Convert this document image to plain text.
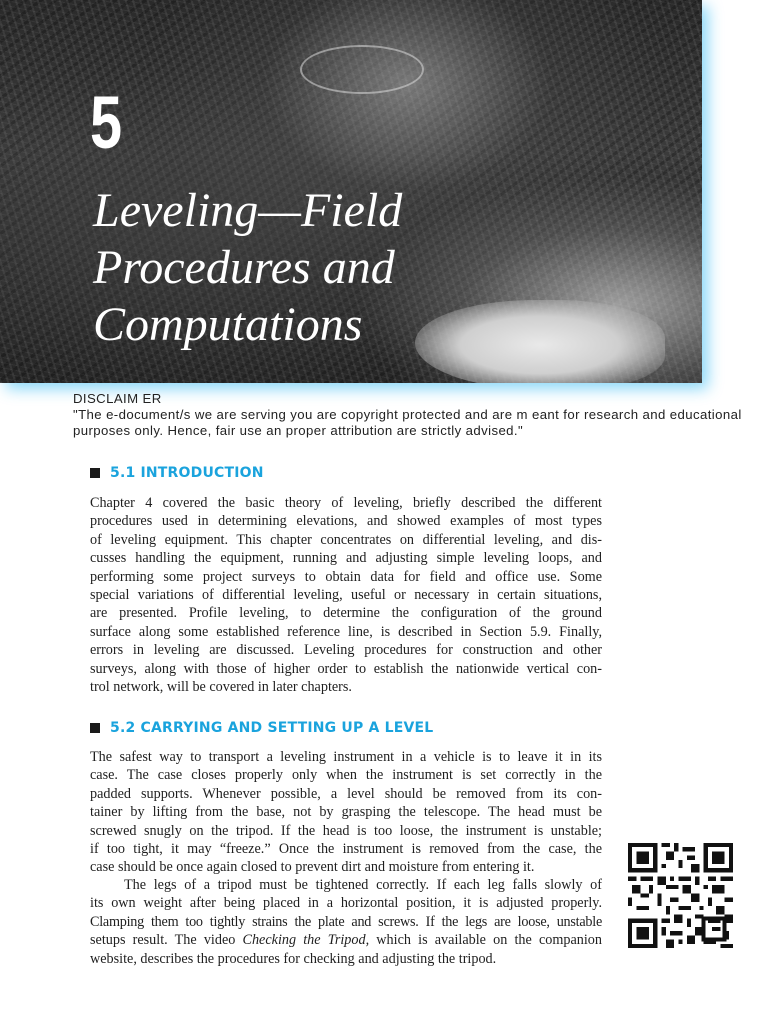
5
Leveling—Field
Procedures and
Computations
DISCLAIM ER
"The e-document/s we are serving you are copyright protected and are m eant for research and educational purposes only. Hence, fair use an proper attribution are strictly advised."
5.1 INTRODUCTION
Chapter 4 covered the basic theory of leveling, briefly described the different
procedures used in determining elevations, and showed examples of most types
of leveling equipment. This chapter concentrates on differential leveling, and dis-
cusses handling the equipment, running and adjusting simple leveling loops, and
performing some project surveys to obtain data for field and office use. Some
special variations of differential leveling, useful or necessary in certain situations,
are presented. Profile leveling, to determine the configuration of the ground
surface along some established reference line, is described in Section 5.9. Finally,
errors in leveling are discussed. Leveling procedures for construction and other
surveys, along with those of higher order to establish the nationwide vertical con-
trol network, will be covered in later chapters.
5.2 CARRYING AND SETTING UP A LEVEL
The safest way to transport a leveling instrument in a vehicle is to leave it in its
case. The case closes properly only when the instrument is set correctly in the
padded supports. Whenever possible, a level should be removed from its con-
tainer by lifting from the base, not by grasping the telescope. The head must be
screwed snugly on the tripod. If the head is too loose, the instrument is unstable;
if too tight, it may “freeze.” Once the instrument is removed from the case, the
case should be once again closed to prevent dirt and moisture from entering it.
The legs of a tripod must be tightened correctly. If each leg falls slowly of
its own weight after being placed in a horizontal position, it is adjusted properly.
Clamping them too tightly strains the plate and screws. If the legs are loose, unstable
setups result. The video Checking the Tripod, which is available on the companion
website, describes the procedures for checking and adjusting the tripod.
